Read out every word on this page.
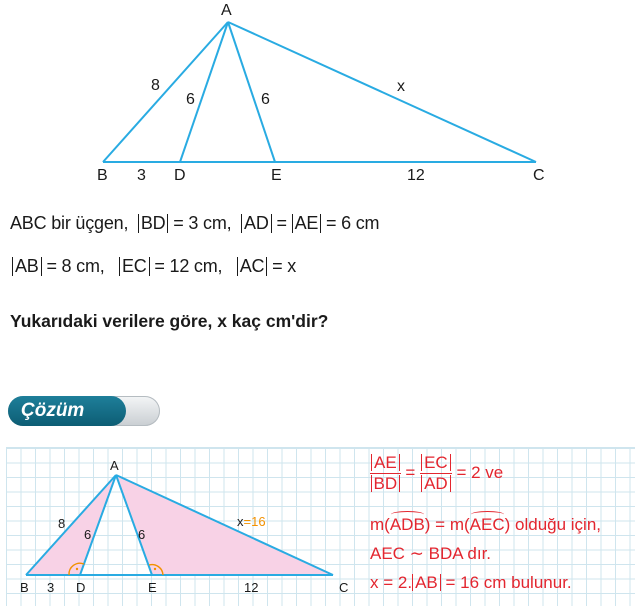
A
B	D	E	C
8
6	6
x
3	12
ABC bir üçgen, BD = 3 cm, AD = AE = 6 cm
AB = 8 cm, EC = 12 cm, AC = x
Yukarıdaki verilere göre, x kaç cm'dir?
Çözüm
A
B	D	E	C
8
6	6
3	12
x=16
$\frac{AE}{BD} = \frac{EC}{AD} = 2$ ve
m(ADB) = m(AEC) olduğu için,
AEC ∼ BDA dır.
x = 2. AB = 16 cm bulunur.
